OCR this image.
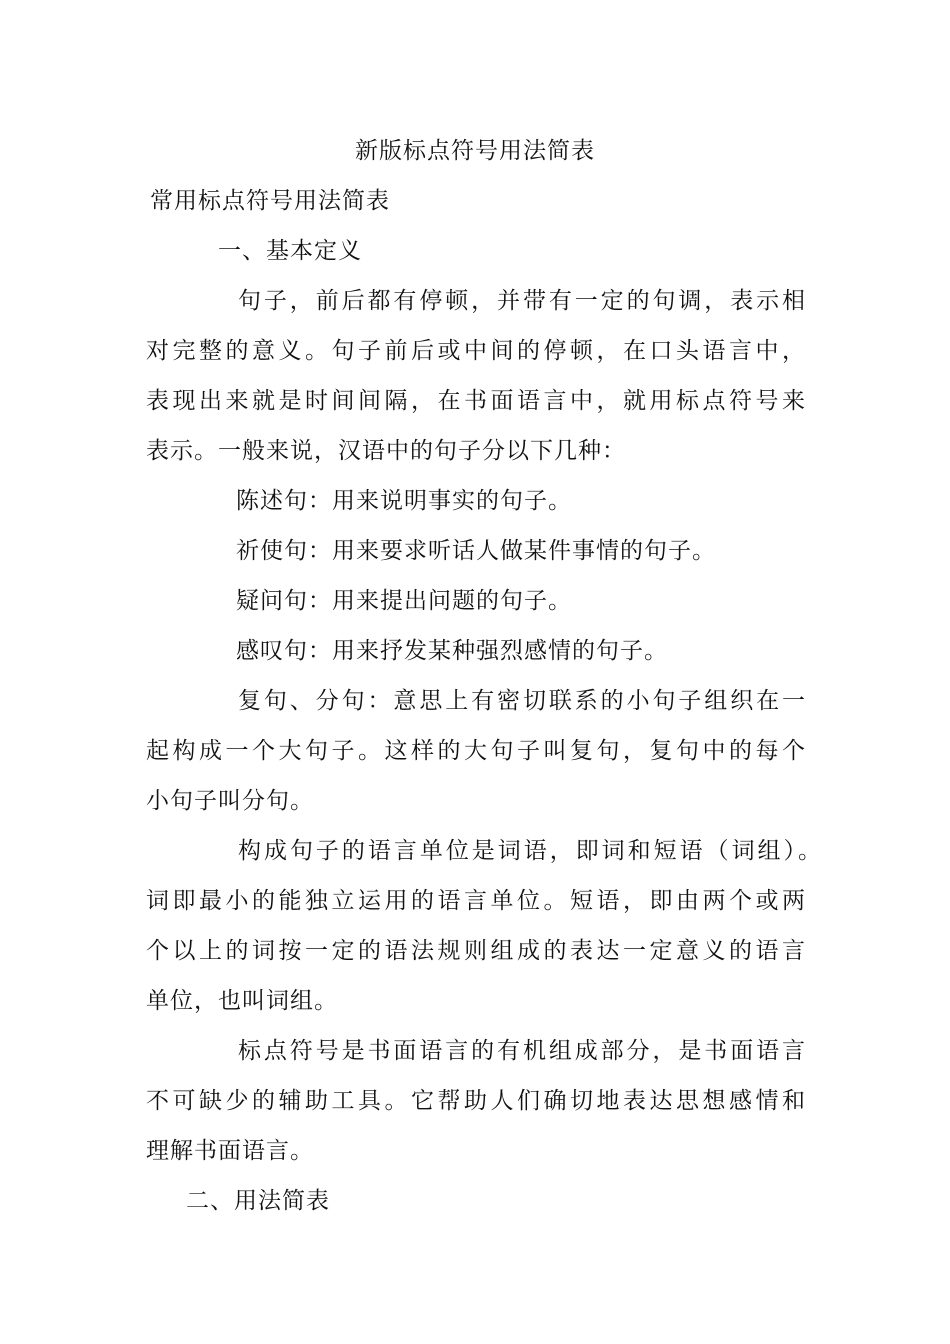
新版标点符号用法简表
常用标点符号用法简表
一、基本定义
句子，前后都有停顿，并带有一定的句调，表示相
对完整的意义。句子前后或中间的停顿，在口头语言中，
表现出来就是时间间隔，在书面语言中，就用标点符号来
表示。一般来说，汉语中的句子分以下几种：
陈述句：用来说明事实的句子。
祈使句：用来要求听话人做某件事情的句子。
疑问句：用来提出问题的句子。
感叹句：用来抒发某种强烈感情的句子。
复句、分句：意思上有密切联系的小句子组织在一
起构成一个大句子。这样的大句子叫复句，复句中的每个
小句子叫分句。
构成句子的语言单位是词语，即词和短语（词组）。
词即最小的能独立运用的语言单位。短语，即由两个或两
个以上的词按一定的语法规则组成的表达一定意义的语言
单位，也叫词组。
标点符号是书面语言的有机组成部分，是书面语言
不可缺少的辅助工具。它帮助人们确切地表达思想感情和
理解书面语言。
二、用法简表
